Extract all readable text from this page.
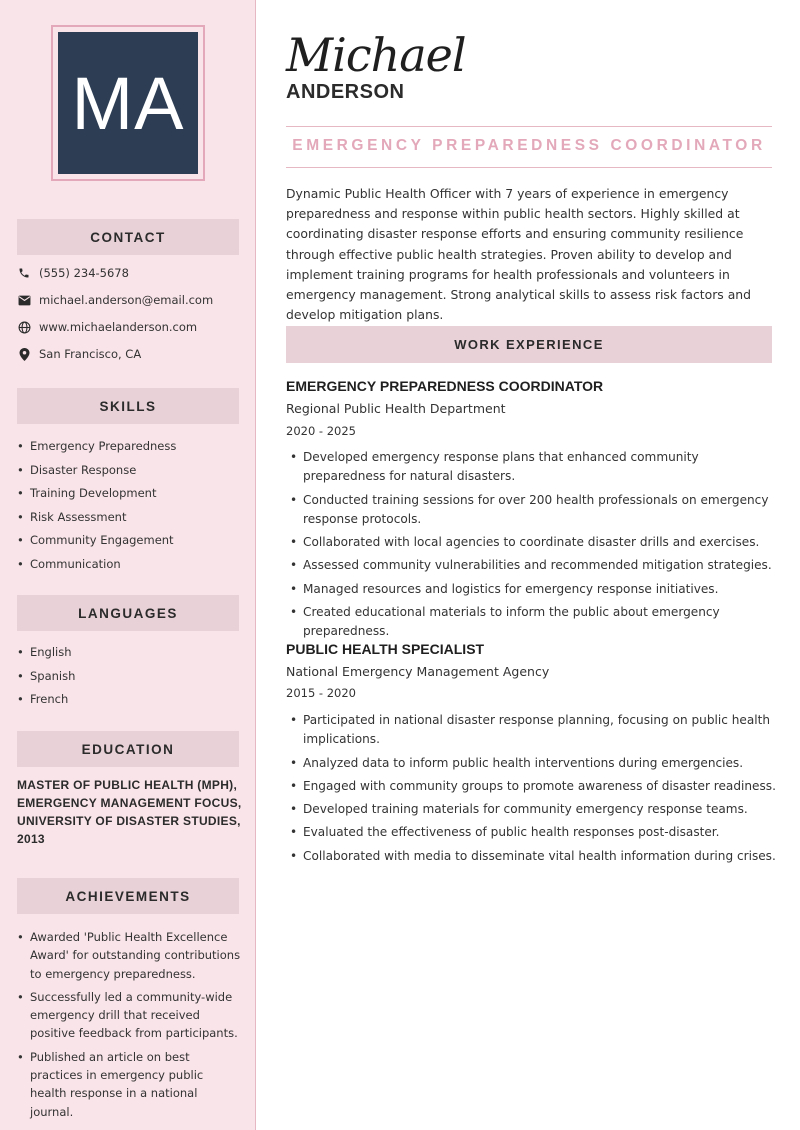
MA
CONTACT
(555) 234-5678
michael.anderson@email.com
www.michaelanderson.com
San Francisco, CA
SKILLS
• Emergency Preparedness
• Disaster Response
• Training Development
• Risk Assessment
• Community Engagement
• Communication
LANGUAGES
• English
• Spanish
• French
EDUCATION
MASTER OF PUBLIC HEALTH (MPH), EMERGENCY MANAGEMENT FOCUS, UNIVERSITY OF DISASTER STUDIES, 2013
ACHIEVEMENTS
• Awarded 'Public Health Excellence Award' for outstanding contributions to emergency preparedness.
• Successfully led a community-wide emergency drill that received positive feedback from participants.
• Published an article on best practices in emergency public health response in a national journal.
Michael
ANDERSON
EMERGENCY PREPAREDNESS COORDINATOR
Dynamic Public Health Officer with 7 years of experience in emergency preparedness and response within public health sectors. Highly skilled at coordinating disaster response efforts and ensuring community resilience through effective public health strategies. Proven ability to develop and implement training programs for health professionals and volunteers in emergency management. Strong analytical skills to assess risk factors and develop mitigation plans.
WORK EXPERIENCE
EMERGENCY PREPAREDNESS COORDINATOR
Regional Public Health Department
2020 - 2025
• Developed emergency response plans that enhanced community preparedness for natural disasters.
• Conducted training sessions for over 200 health professionals on emergency response protocols.
• Collaborated with local agencies to coordinate disaster drills and exercises.
• Assessed community vulnerabilities and recommended mitigation strategies.
• Managed resources and logistics for emergency response initiatives.
• Created educational materials to inform the public about emergency preparedness.
PUBLIC HEALTH SPECIALIST
National Emergency Management Agency
2015 - 2020
• Participated in national disaster response planning, focusing on public health implications.
• Analyzed data to inform public health interventions during emergencies.
• Engaged with community groups to promote awareness of disaster readiness.
• Developed training materials for community emergency response teams.
• Evaluated the effectiveness of public health responses post-disaster.
• Collaborated with media to disseminate vital health information during crises.
